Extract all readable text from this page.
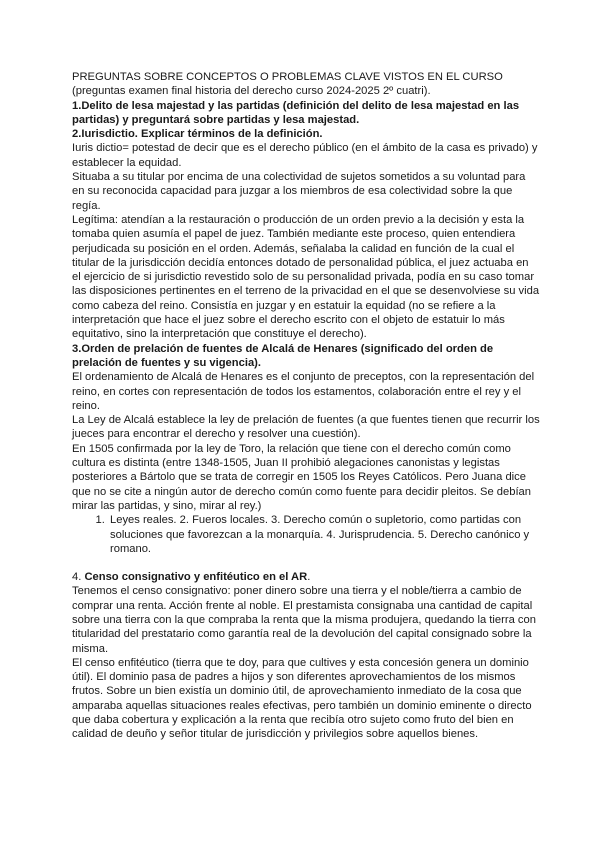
PREGUNTAS SOBRE CONCEPTOS O PROBLEMAS CLAVE VISTOS EN EL CURSO

(preguntas examen final historia del derecho curso 2024-2025 2º cuatri).

1.Delito de lesa majestad y las partidas (definición del delito de lesa majestad en las partidas) y preguntará sobre partidas y lesa majestad.

2.Iurisdictio. Explicar términos de la definición.

Iuris dictio= potestad de decir que es el derecho público (en el ámbito de la casa es privado) y establecer la equidad.

Situaba a su titular por encima de una colectividad de sujetos sometidos a su voluntad para en su reconocida capacidad para juzgar a los miembros de esa colectividad sobre la que regía.

Legítima: atendían a la restauración o producción de un orden previo a la decisión y esta la tomaba quien asumía el papel de juez. También mediante este proceso, quien entendiera perjudicada su posición en el orden. Además, señalaba la calidad en función de la cual el titular de la jurisdicción decidía entonces dotado de personalidad pública, el juez actuaba en el ejercicio de si jurisdictio revestido solo de su personalidad privada, podía en su caso tomar las disposiciones pertinentes en el terreno de la privacidad en el que se desenvolviese su vida como cabeza del reino. Consistía en juzgar y en estatuir la equidad (no se refiere a la interpretación que hace el juez sobre el derecho escrito con el objeto de estatuir lo más equitativo, sino la interpretación que constituye el derecho).

3.Orden de prelación de fuentes de Alcalá de Henares (significado del orden de prelación de fuentes y su vigencia).

El ordenamiento de Alcalá de Henares es el conjunto de preceptos, con la representación del reino, en cortes con representación de todos los estamentos, colaboración entre el rey y el reino.

La Ley de Alcalá establece la ley de prelación de fuentes (a que fuentes tienen que recurrir los jueces para encontrar el derecho y resolver una cuestión).

En 1505 confirmada por la ley de Toro, la relación que tiene con el derecho común como cultura es distinta (entre 1348-1505, Juan II prohibió alegaciones canonistas y legistas posteriores a Bártolo que se trata de corregir en 1505 los Reyes Católicos. Pero Juana dice que no se cite a ningún autor de derecho común como fuente para decidir pleitos. Se debían mirar las partidas, y sino, mirar al rey.)

1. Leyes reales. 2. Fueros locales. 3. Derecho común o supletorio, como partidas con soluciones que favorezcan a la monarquía. 4. Jurisprudencia. 5. Derecho canónico y romano.

4. Censo consignativo y enfitéutico en el AR.

Tenemos el censo consignativo: poner dinero sobre una tierra y el noble/tierra a cambio de comprar una renta. Acción frente al noble. El prestamista consignaba una cantidad de capital sobre una tierra con la que compraba la renta que la misma produjera, quedando la tierra con titularidad del prestatario como garantía real de la devolución del capital consignado sobre la misma.

El censo enfitéutico (tierra que te doy, para que cultives y esta concesión genera un dominio útil). El dominio pasa de padres a hijos y son diferentes aprovechamientos de los mismos frutos. Sobre un bien existía un dominio útil, de aprovechamiento inmediato de la cosa que amparaba aquellas situaciones reales efectivas, pero también un dominio eminente o directo que daba cobertura y explicación a la renta que recibía otro sujeto como fruto del bien en calidad de deuño y señor titular de jurisdicción y privilegios sobre aquellos bienes.
